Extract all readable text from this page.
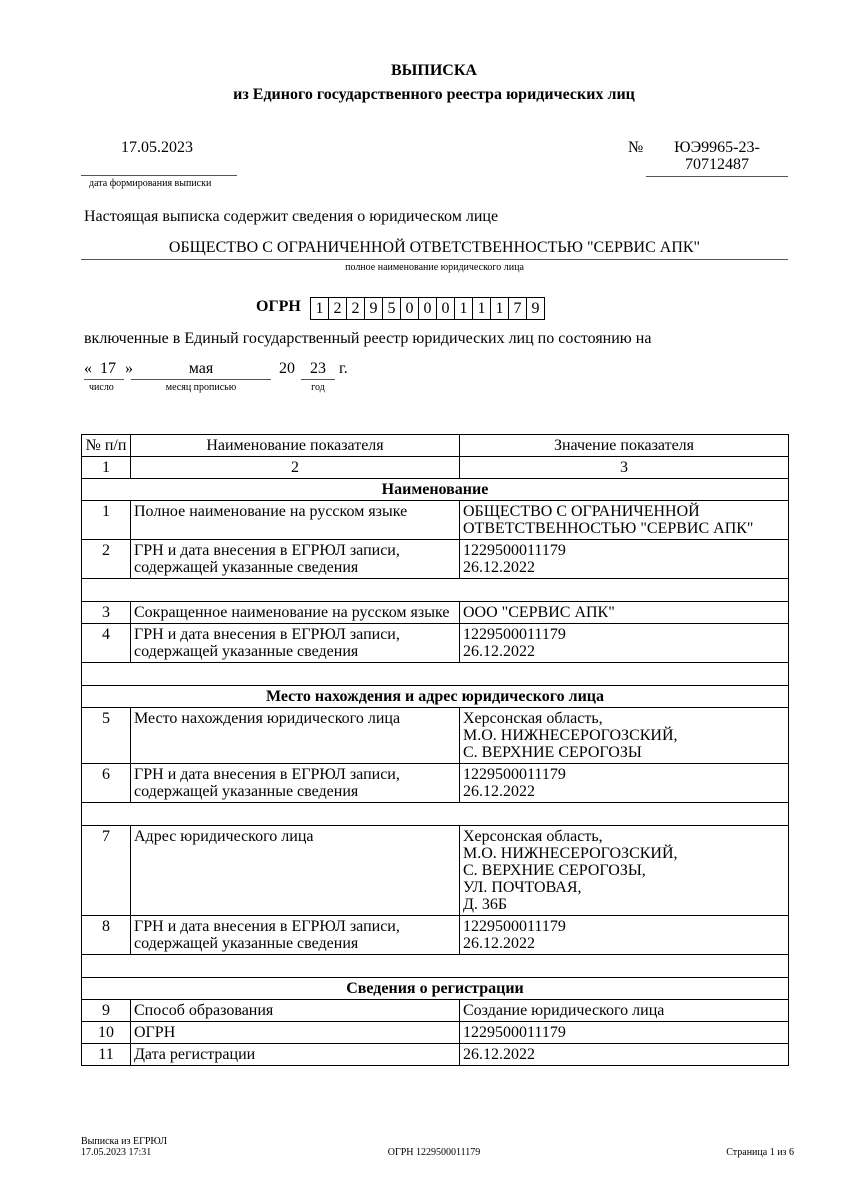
ВЫПИСКА
из Единого государственного реестра юридических лиц
17.05.2023
дата формирования выписки
№	ЮЭ9965-23-
70712487
Настоящая выписка содержит сведения о юридическом лице
ОБЩЕСТВО С ОГРАНИЧЕННОЙ ОТВЕТСТВЕННОСТЬЮ "СЕРВИС АПК"
полное наименование юридического лица
ОГРН 1 2 2 9 5 0 0 0 1 1 1 7 9
включенные в Единый государственный реестр юридических лиц по состоянию на
« 17 »	мая	20 23 г.
число	месяц прописью	год
№ п/п	Наименование показателя	Значение показателя
1	2	3
Наименование		
1	Полное наименование на русском языке	ОБЩЕСТВО С ОГРАНИЧЕННОЙ ОТВЕТСТВЕННОСТЬЮ "СЕРВИС АПК"
2	ГРН и дата внесения в ЕГРЮЛ записи, содержащей указанные сведения	1229500011179
26.12.2022

3	Сокращенное наименование на русском языке	ООО "СЕРВИС АПК"
4	ГРН и дата внесения в ЕГРЮЛ записи, содержащей указанные сведения	1229500011179
26.12.2022

Место нахождения и адрес юридического лица		
5	Место нахождения юридического лица	Херсонская область,
М.О. НИЖНЕСЕРОГОЗСКИЙ,
С. ВЕРХНИЕ СЕРОГОЗЫ

6	ГРН и дата внесения в ЕГРЮЛ записи, содержащей указанные сведения	1229500011179
26.12.2022

7	Адрес юридического лица	Херсонская область,
М.О. НИЖНЕСЕРОГОЗСКИЙ,
С. ВЕРХНИЕ СЕРОГОЗЫ,
УЛ. ПОЧТОВАЯ,
Д. 36Б

8	ГРН и дата внесения в ЕГРЮЛ записи, содержащей указанные сведения	1229500011179
26.12.2022

Сведения о регистрации		
9	Способ образования	Создание юридического лица
10	ОГРН	1229500011179
11	Дата регистрации	26.12.2022
Выписка из ЕГРЮЛ
17.05.2023 17:31	ОГРН 1229500011179	Страница 1 из 6
